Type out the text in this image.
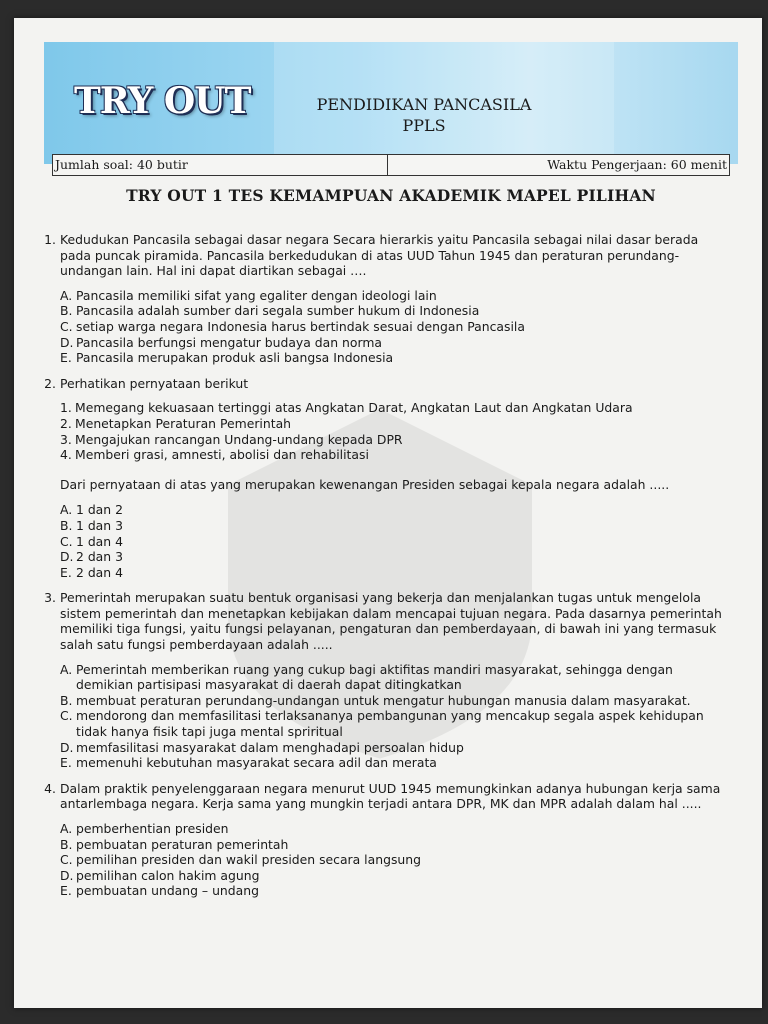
TRY OUT	PENDIDIKAN PANCASILA
PPLS
Jumlah soal: 40 butir	Waktu Pengerjaan: 60 menit
TRY OUT 1 TES KEMAMPUAN AKADEMIK MAPEL PILIHAN
1. Kedudukan Pancasila sebagai dasar negara Secara hierarkis yaitu Pancasila sebagai nilai dasar berada pada puncak piramida. Pancasila berkedudukan di atas UUD Tahun 1945 dan peraturan perundang-undangan lain. Hal ini dapat diartikan sebagai ….
A. Pancasila memiliki sifat yang egaliter dengan ideologi lain
B. Pancasila adalah sumber dari segala sumber hukum di Indonesia
C. setiap warga negara Indonesia harus bertindak sesuai dengan Pancasila
D. Pancasila berfungsi mengatur budaya dan norma
E. Pancasila merupakan produk asli bangsa Indonesia
2. Perhatikan pernyataan berikut
1. Memegang kekuasaan tertinggi atas Angkatan Darat, Angkatan Laut dan Angkatan Udara
2. Menetapkan Peraturan Pemerintah
3. Mengajukan rancangan Undang-undang kepada DPR
4. Memberi grasi, amnesti, abolisi dan rehabilitasi
Dari pernyataan di atas yang merupakan kewenangan Presiden sebagai kepala negara adalah .....
A. 1 dan 2
B. 1 dan 3
C. 1 dan 4
D. 2 dan 3
E. 2 dan 4
3. Pemerintah merupakan suatu bentuk organisasi yang bekerja dan menjalankan tugas untuk mengelola sistem pemerintah dan menetapkan kebijakan dalam mencapai tujuan negara. Pada dasarnya pemerintah memiliki tiga fungsi, yaitu fungsi pelayanan, pengaturan dan pemberdayaan, di bawah ini yang termasuk salah satu fungsi pemberdayaan adalah .....
A. Pemerintah memberikan ruang yang cukup bagi aktifitas mandiri masyarakat, sehingga dengan demikian partisipasi masyarakat di daerah dapat ditingkatkan
B. membuat peraturan perundang-undangan untuk mengatur hubungan manusia dalam masyarakat.
C. mendorong dan memfasilitasi terlaksananya pembangunan yang mencakup segala aspek kehidupan tidak hanya fisik tapi juga mental spriritual
D. memfasilitasi masyarakat dalam menghadapi persoalan hidup
E. memenuhi kebutuhan masyarakat secara adil dan merata
4. Dalam praktik penyelenggaraan negara menurut UUD 1945 memungkinkan adanya hubungan kerja sama antarlembaga negara. Kerja sama yang mungkin terjadi antara DPR, MK dan MPR adalah dalam hal .....
A. pemberhentian presiden
B. pembuatan peraturan pemerintah
C. pemilihan presiden dan wakil presiden secara langsung
D. pemilihan calon hakim agung
E. pembuatan undang – undang
